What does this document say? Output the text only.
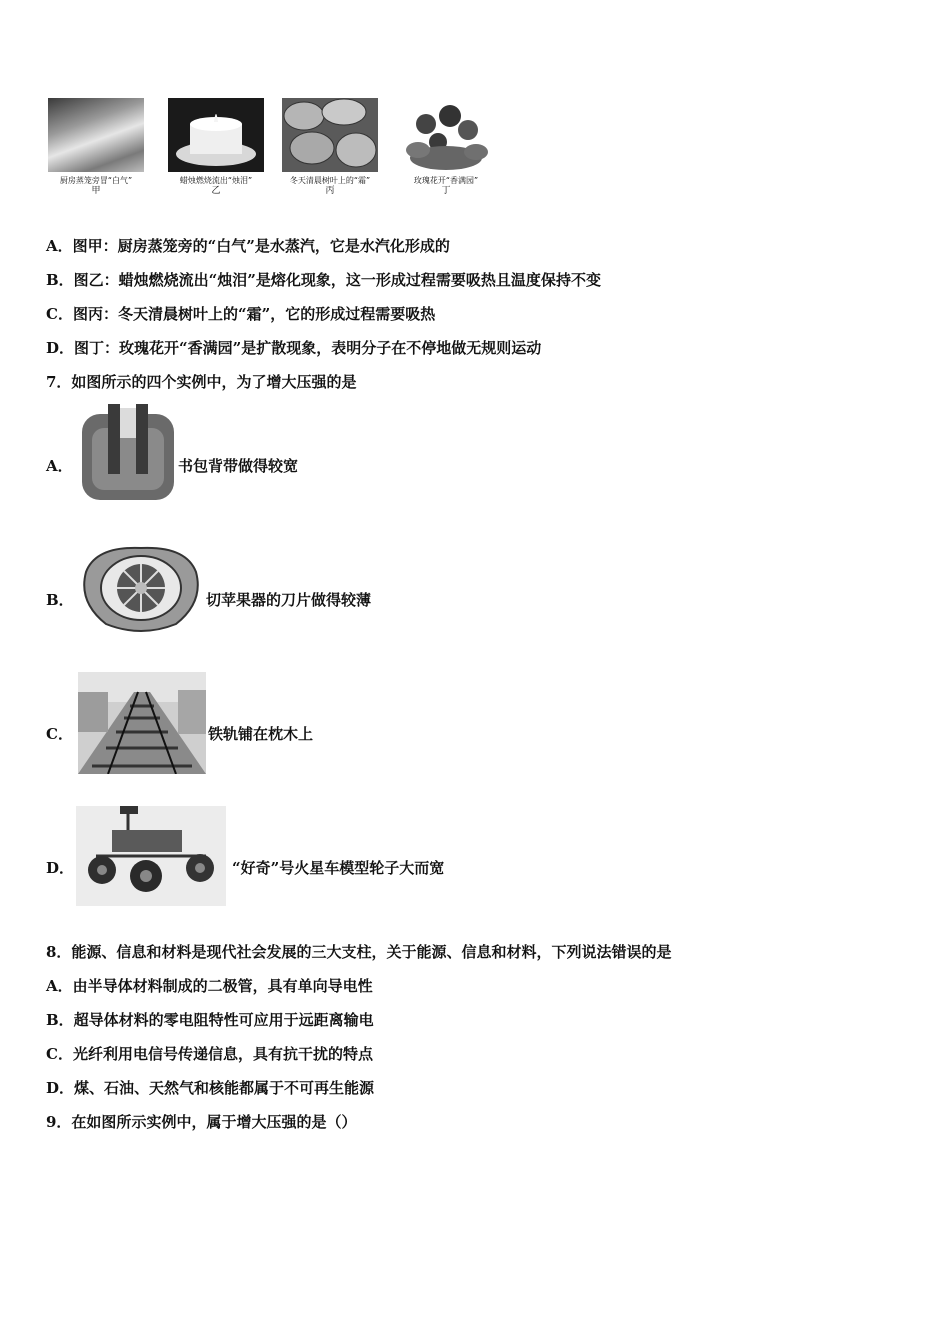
厨房蒸笼旁冒“白气”
甲
蜡烛燃烧流出“烛泪”
乙
冬天清晨树叶上的“霜”
丙
玫瑰花开“香满园”
丁
A．图甲：厨房蒸笼旁的“白气”是水蒸汽，它是水汽化形成的
B．图乙：蜡烛燃烧流出“烛泪”是熔化现象，这一形成过程需要吸热且温度保持不变
C．图丙：冬天清晨树叶上的“霜”，它的形成过程需要吸热
D．图丁：玫瑰花开“香满园”是扩散现象，表明分子在不停地做无规则运动
7．如图所示的四个实例中，为了增大压强的是
A．	书包背带做得较宽
B．	切苹果器的刀片做得较薄
C．	铁轨铺在枕木上
D．	“好奇”号火星车模型轮子大而宽
8．能源、信息和材料是现代社会发展的三大支柱，关于能源、信息和材料，下列说法错误的是
A．由半导体材料制成的二极管，具有单向导电性
B．超导体材料的零电阻特性可应用于远距离输电
C．光纤利用电信号传递信息，具有抗干扰的特点
D．煤、石油、天然气和核能都属于不可再生能源
9．在如图所示实例中，属于增大压强的是（）
